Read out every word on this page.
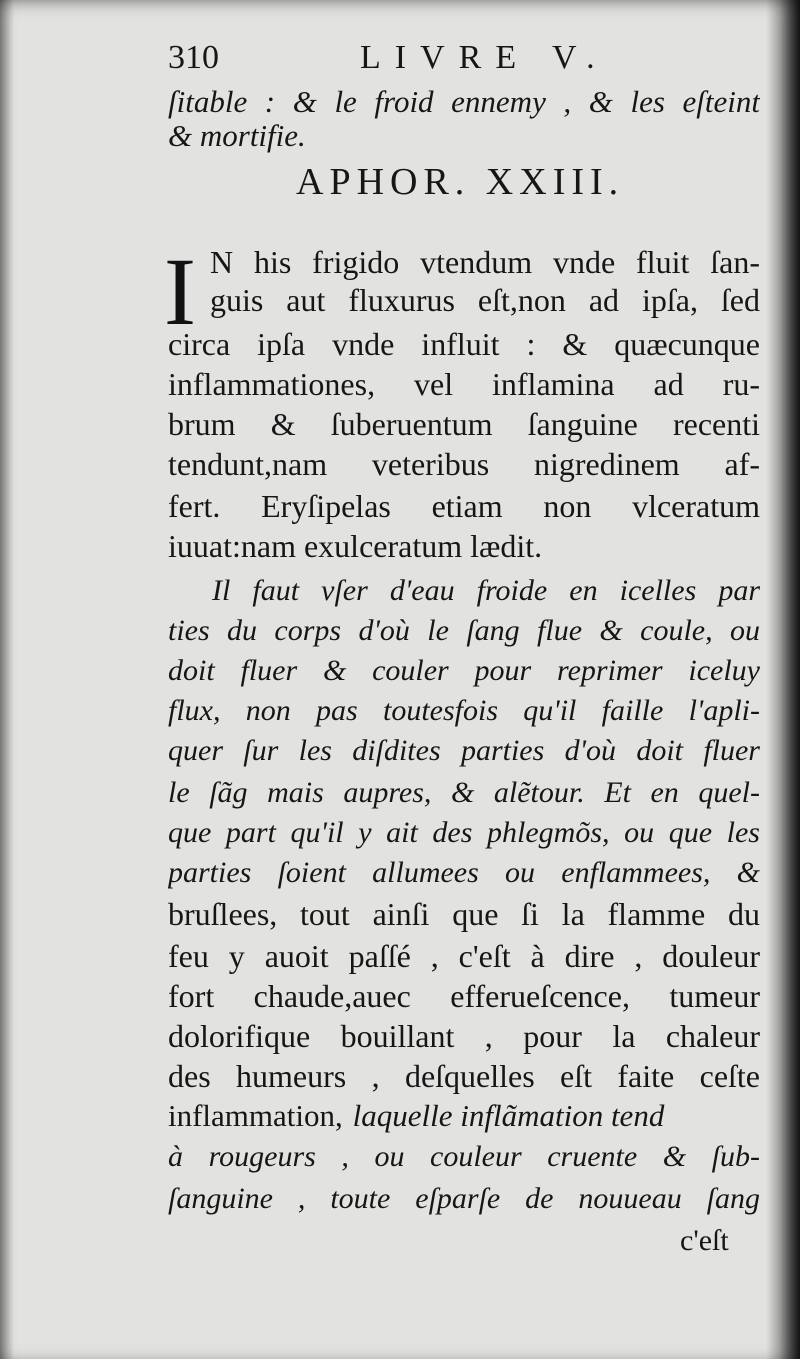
310	LIVRE V.
ſitable : & le froid ennemy , & les eſteint
& mortifie.
APHOR. XXIII.
I N his frigido vtendum vnde fluit ſan-
guis aut fluxurus eſt,non ad ipſa, ſed
circa ipſa vnde influit : & quæcunque
inflammationes, vel inflamina ad ru-
brum & ſuberuentum ſanguine recenti
tendunt,nam veteribus nigredinem af-
fert. Eryſipelas etiam non vlceratum
iuuat:nam exulceratum lædit.
Il faut vſer d'eau froide en icelles par
ties du corps d'où le ſang flue & coule, ou
doit fluer & couler pour reprimer iceluy
flux, non pas toutesfois qu'il faille l'apli-
quer ſur les diſdites parties d'où doit fluer
le ſãg mais aupres, & alẽtour. Et en quel-
que part qu'il y ait des phlegmõs, ou que les
parties ſoient allumees ou enflammees, &
bruſlees, tout ainſi que ſi la flamme du
feu y auoit paſſé , c'eſt à dire , douleur
fort chaude,auec efferueſcence, tumeur
dolorifique bouillant , pour la chaleur
des humeurs , deſquelles eſt faite ceſte
inflammation, laquelle inflãmation tend
à rougeurs , ou couleur cruente & ſub-
ſanguine , toute eſparſe de nouueau ſang
c'eſt
